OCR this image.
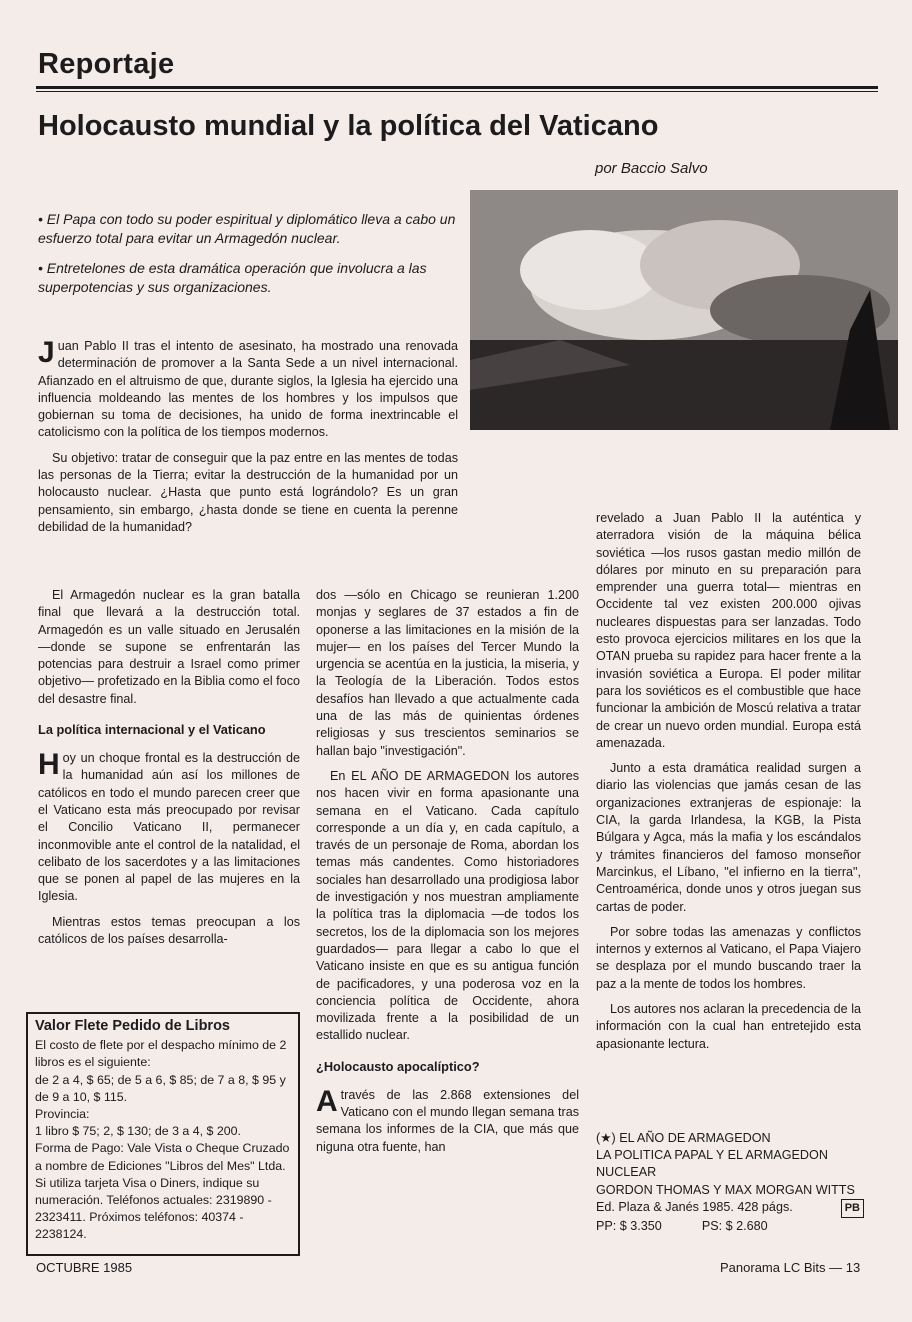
Reportaje
Holocausto mundial y la política del Vaticano
por Baccio Salvo

• El Papa con todo su poder espiritual y diplomático lleva a cabo un esfuerzo total para evitar un Armagedón nuclear.

• Entretelones de esta dramática operación que involucra a las superpotencias y sus organizaciones.

Juan Pablo II tras el intento de asesinato, ha mostrado una renovada determinación de promover a la Santa Sede a un nivel internacional. Afianzado en el altruismo de que, durante siglos, la Iglesia ha ejercido una influencia moldeando las mentes de los hombres y los impulsos que gobiernan su toma de decisiones, ha unido de forma inextrincable el catolicismo con la política de los tiempos modernos.

Su objetivo: tratar de conseguir que la paz entre en las mentes de todas las personas de la Tierra; evitar la destrucción de la humanidad por un holocausto nuclear. ¿Hasta que punto está lográndolo? Es un gran pensamiento, sin embargo, ¿hasta donde se tiene en cuenta la perenne debilidad de la humanidad?

El Armagedón nuclear es la gran batalla final que llevará a la destrucción total. Armagedón es un valle situado en Jerusalén —donde se supone se enfrentarán las potencias para destruir a Israel como primer objetivo— profetizado en la Biblia como el foco del desastre final.

La política internacional y el Vaticano

Hoy un choque frontal es la destrucción de la humanidad aún así los millones de católicos en todo el mundo parecen creer que el Vaticano esta más preocupado por revisar el Concilio Vaticano II, permanecer inconmovible ante el control de la natalidad, el celibato de los sacerdotes y a las limitaciones que se ponen al papel de las mujeres en la Iglesia.

Mientras estos temas preocupan a los católicos de los países desarrolla-

dos —sólo en Chicago se reunieran 1.200 monjas y seglares de 37 estados a fin de oponerse a las limitaciones en la misión de la mujer— en los países del Tercer Mundo la urgencia se acentúa en la justicia, la miseria, y la Teología de la Liberación. Todos estos desafíos han llevado a que actualmente cada una de las más de quinientas órdenes religiosas y sus trescientos seminarios se hallan bajo "investigación".

En EL AÑO DE ARMAGEDON los autores nos hacen vivir en forma apasionante una semana en el Vaticano. Cada capítulo corresponde a un día y, en cada capítulo, a través de un personaje de Roma, abordan los temas más candentes. Como historiadores sociales han desarrollado una prodigiosa labor de investigación y nos muestran ampliamente la política tras la diplomacia —de todos los secretos, los de la diplomacia son los mejores guardados— para llegar a cabo lo que el Vaticano insiste en que es su antigua función de pacificadores, y una poderosa voz en la conciencia política de Occidente, ahora movilizada frente a la posibilidad de un estallido nuclear.

¿Holocausto apocalíptico?

Através de las 2.868 extensiones del Vaticano con el mundo llegan semana tras semana los informes de la CIA, que más que niguna otra fuente, han

revelado a Juan Pablo II la auténtica y aterradora visión de la máquina bélica soviética —los rusos gastan medio millón de dólares por minuto en su preparación para emprender una guerra total— mientras en Occidente tal vez existen 200.000 ojivas nucleares dispuestas para ser lanzadas. Todo esto provoca ejercicios militares en los que la OTAN prueba su rapidez para hacer frente a la invasión soviética a Europa. El poder militar para los soviéticos es el combustible que hace funcionar la ambición de Moscú relativa a tratar de crear un nuevo orden mundial. Europa está amenazada.

Junto a esta dramática realidad surgen a diario las violencias que jamás cesan de las organizaciones extranjeras de espionaje: la CIA, la garda Irlandesa, la KGB, la Pista Búlgara y Agca, más la mafia y los escándalos y trámites financieros del famoso monseñor Marcinkus, el Líbano, "el infierno en la tierra", Centroamérica, donde unos y otros juegan sus cartas de poder.

Por sobre todas las amenazas y conflictos internos y externos al Vaticano, el Papa Viajero se desplaza por el mundo buscando traer la paz a la mente de todos los hombres.

Los autores nos aclaran la precedencia de la información con la cual han entretejido esta apasionante lectura.

(★) EL AÑO DE ARMAGEDON
LA POLITICA PAPAL Y EL ARMAGEDON NUCLEAR
GORDON THOMAS Y MAX MORGAN WITTS
Ed. Plaza & Janés 1985. 428 págs.	PB
PP: $ 3.350	PS: $ 2.680
Valor Flete Pedido de Libros

El costo de flete por el despacho mínimo de 2 libros es el siguiente:

de 2 a 4, $ 65; de 5 a 6, $ 85; de 7 a 8, $ 95 y de 9 a 10, $ 115.

Provincia:

1 libro $ 75; 2, $ 130; de 3 a 4, $ 200.

Forma de Pago: Vale Vista o Cheque Cruzado a nombre de Ediciones "Libros del Mes" Ltda. Si utiliza tarjeta Visa o Diners, indique su numeración. Teléfonos actuales: 2319890 - 2323411. Próximos teléfonos: 40374 - 2238124.

OCTUBRE 1985	Panorama LC Bits — 13
